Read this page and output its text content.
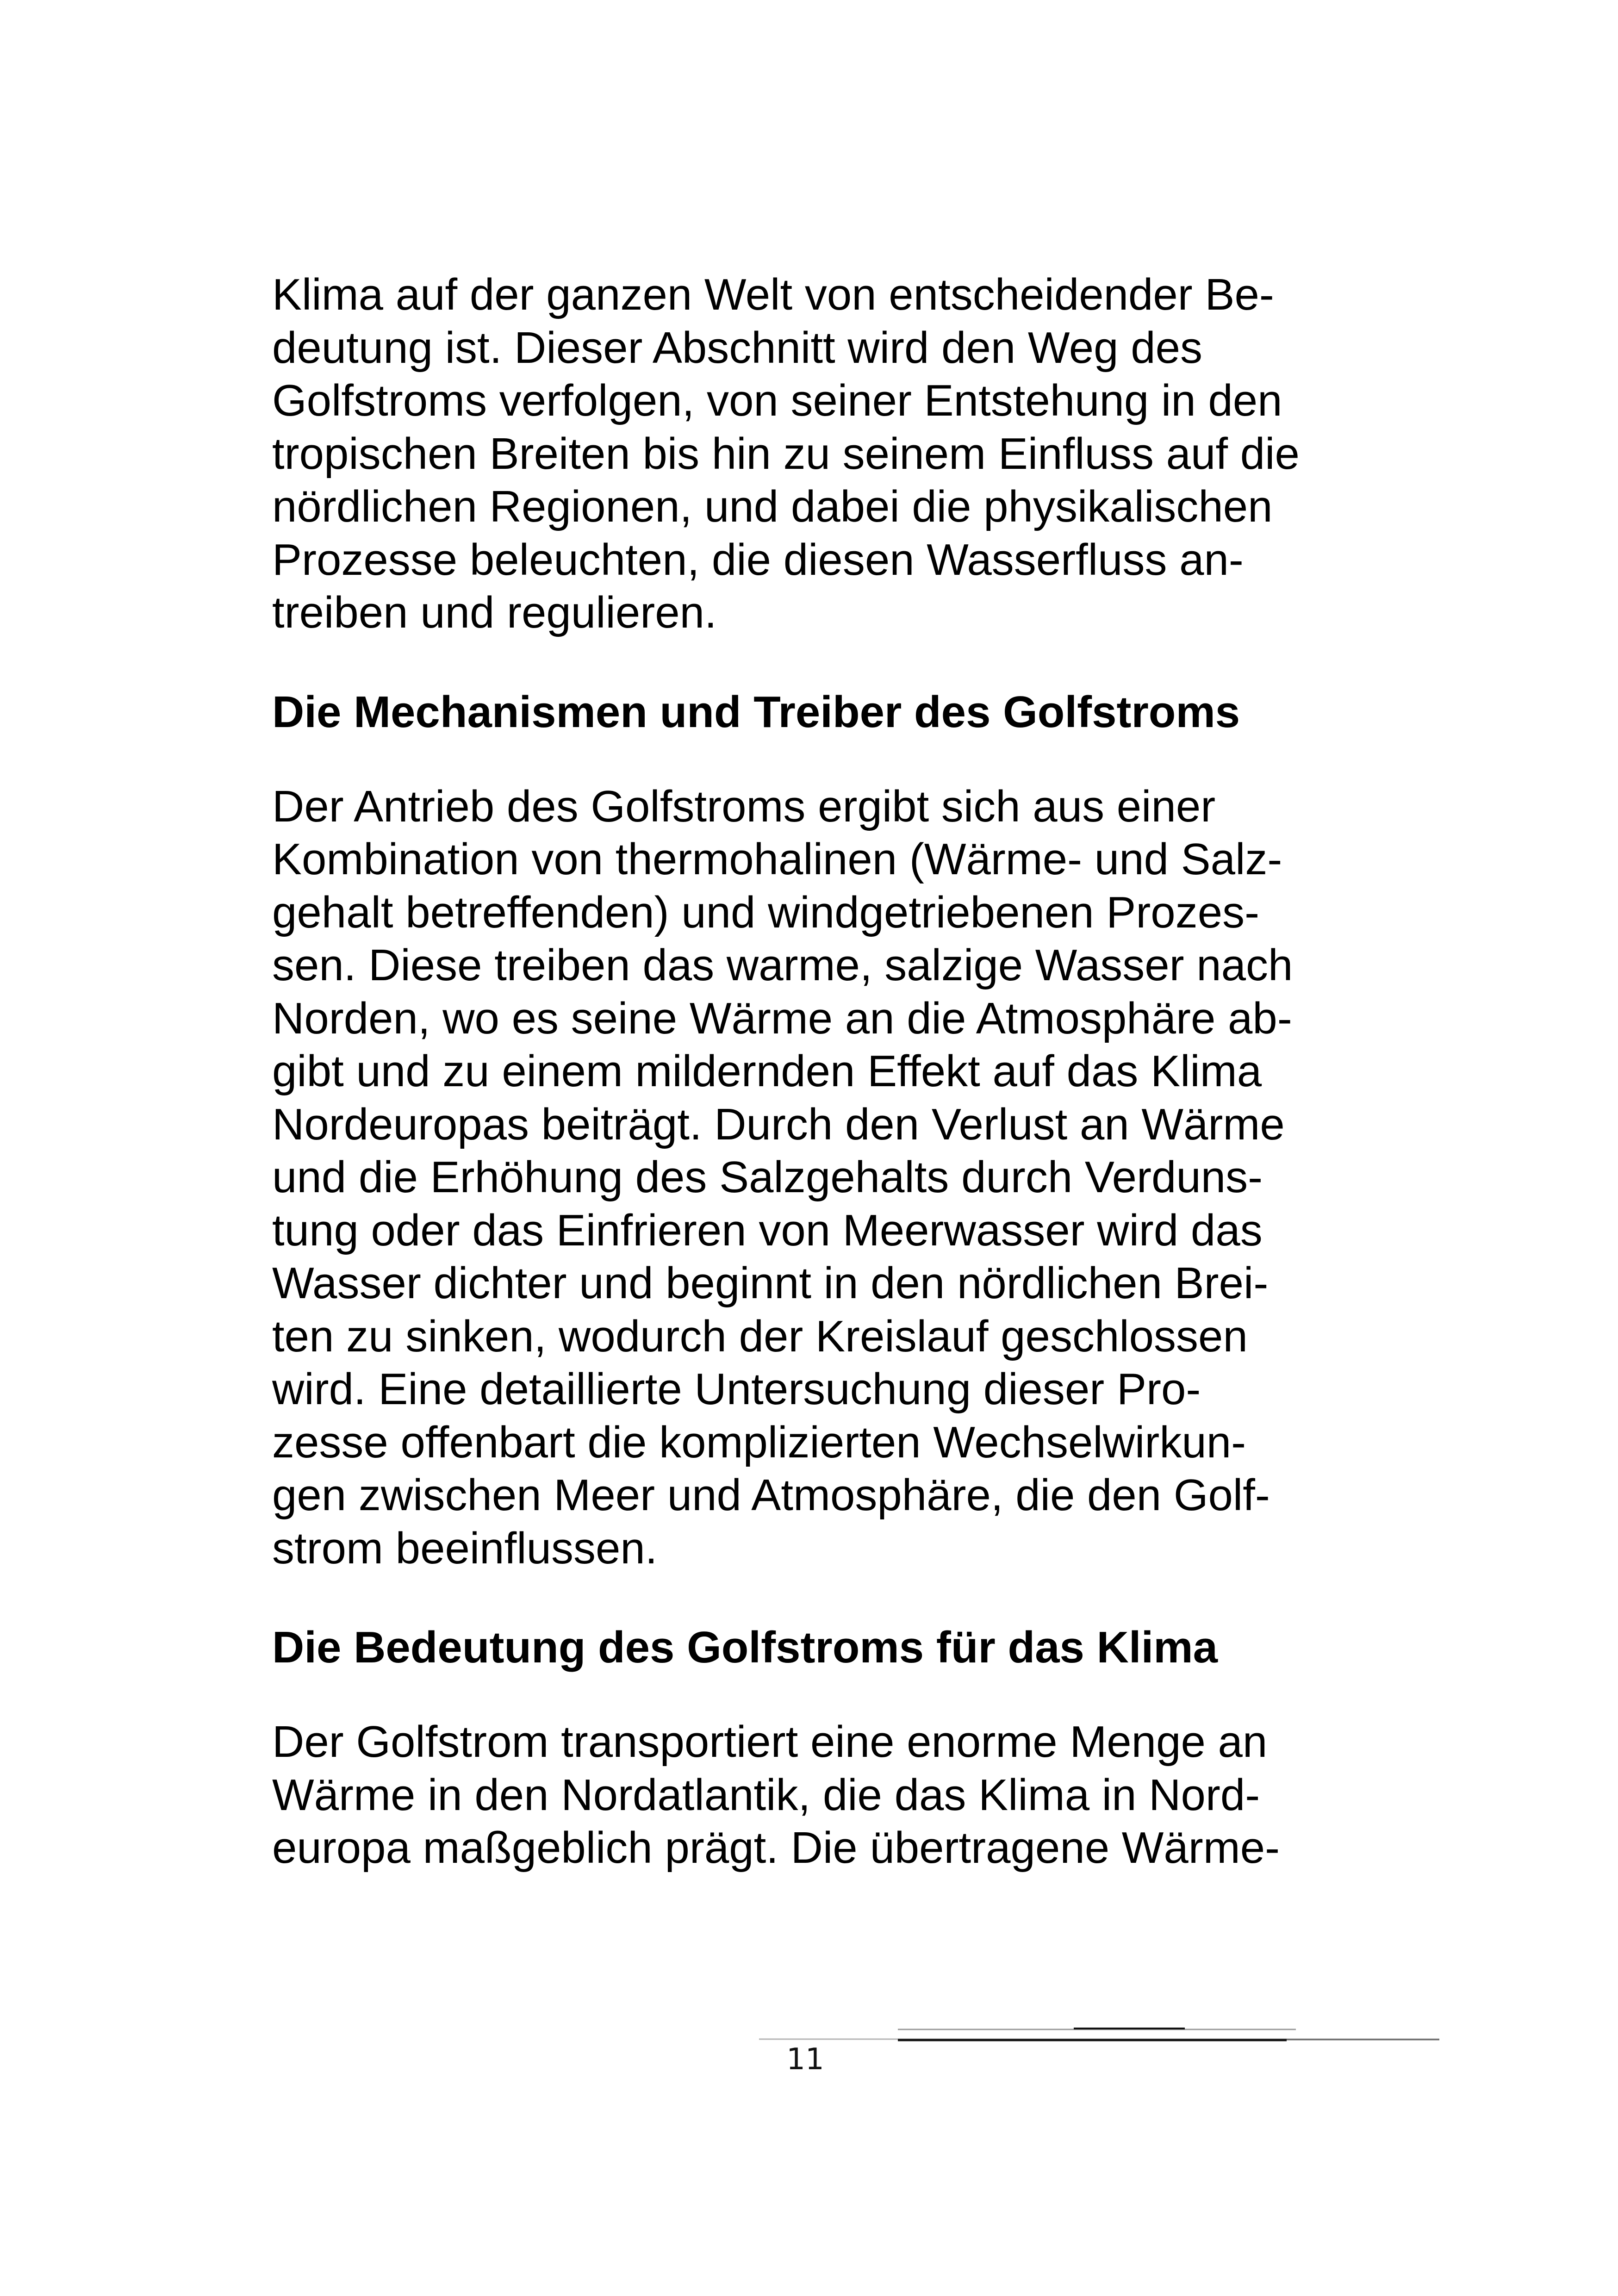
Klima auf der ganzen Welt von entscheidender Be-
deutung ist. Dieser Abschnitt wird den Weg des
Golfstroms verfolgen, von seiner Entstehung in den
tropischen Breiten bis hin zu seinem Einfluss auf die
nördlichen Regionen, und dabei die physikalischen
Prozesse beleuchten, die diesen Wasserfluss an-
treiben und regulieren.
Die Mechanismen und Treiber des Golfstroms
Der Antrieb des Golfstroms ergibt sich aus einer
Kombination von thermohalinen (Wärme- und Salz-
gehalt betreffenden) und windgetriebenen Prozes-
sen. Diese treiben das warme, salzige Wasser nach
Norden, wo es seine Wärme an die Atmosphäre ab-
gibt und zu einem mildernden Effekt auf das Klima
Nordeuropas beiträgt. Durch den Verlust an Wärme
und die Erhöhung des Salzgehalts durch Verduns-
tung oder das Einfrieren von Meerwasser wird das
Wasser dichter und beginnt in den nördlichen Brei-
ten zu sinken, wodurch der Kreislauf geschlossen
wird. Eine detaillierte Untersuchung dieser Pro-
zesse offenbart die komplizierten Wechselwirkun-
gen zwischen Meer und Atmosphäre, die den Golf-
strom beeinflussen.
Die Bedeutung des Golfstroms für das Klima
Der Golfstrom transportiert eine enorme Menge an
Wärme in den Nordatlantik, die das Klima in Nord-
europa maßgeblich prägt. Die übertragene Wärme-
11
